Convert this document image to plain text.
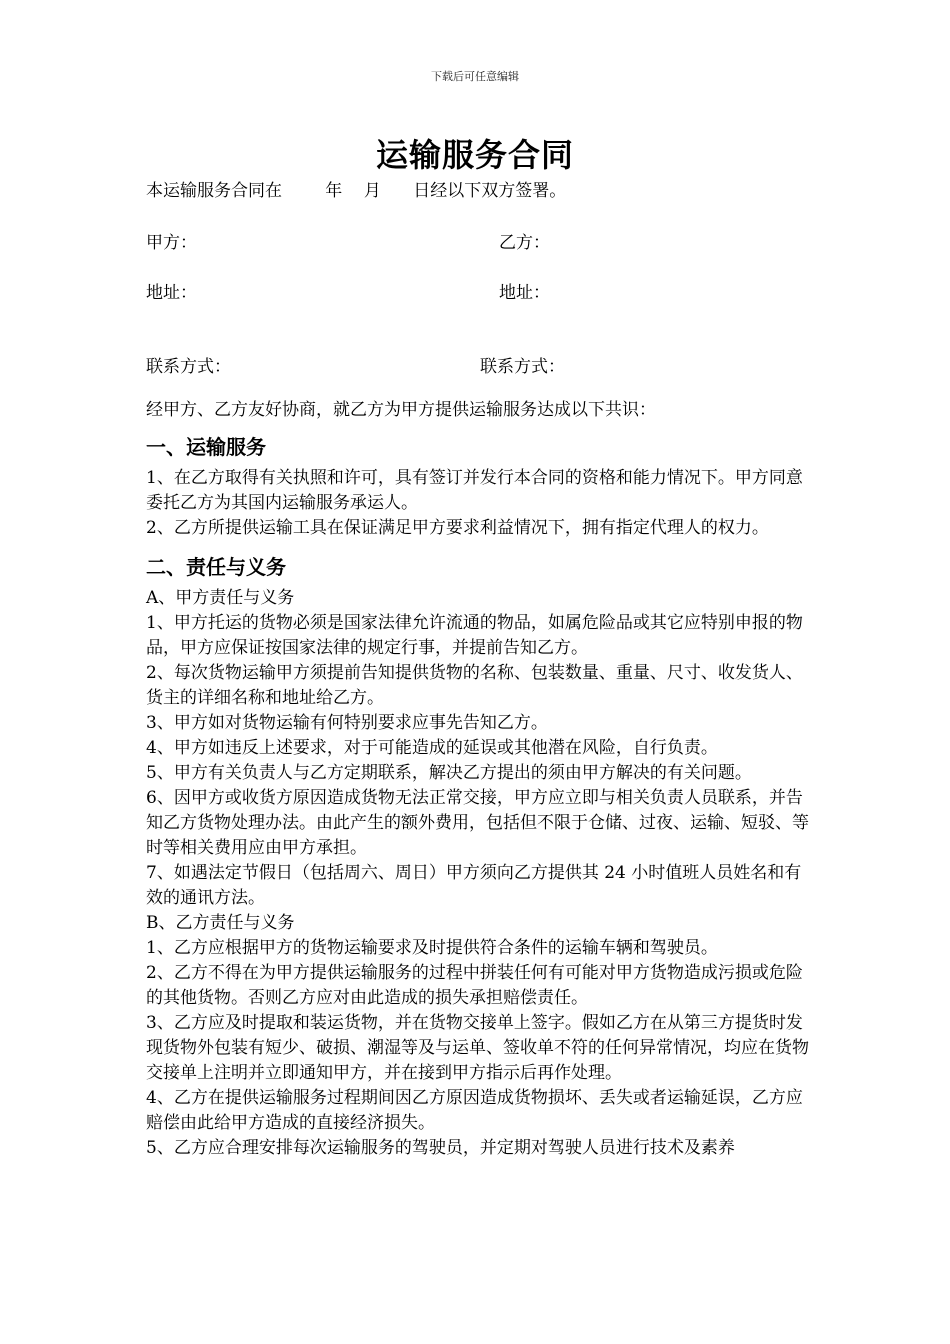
下载后可任意编辑
运输服务合同
本运输服务合同在        年    月      日经以下双方签署。
甲方：	乙方：
地址：	地址：
联系方式：	联系方式：

经甲方、乙方友好协商，就乙方为甲方提供运输服务达成以下共识：

一、运输服务

1、在乙方取得有关执照和许可，具有签订并发行本合同的资格和能力情况下。甲方同意委托乙方为其国内运输服务承运人。

2、乙方所提供运输工具在保证满足甲方要求利益情况下，拥有指定代理人的权力。

二、责任与义务

A、甲方责任与义务

1、甲方托运的货物必须是国家法律允许流通的物品，如属危险品或其它应特别申报的物品，甲方应保证按国家法律的规定行事，并提前告知乙方。

2、每次货物运输甲方须提前告知提供货物的名称、包装数量、重量、尺寸、收发货人、货主的详细名称和地址给乙方。

3、甲方如对货物运输有何特别要求应事先告知乙方。

4、甲方如违反上述要求，对于可能造成的延误或其他潜在风险，自行负责。

5、甲方有关负责人与乙方定期联系，解决乙方提出的须由甲方解决的有关问题。

6、因甲方或收货方原因造成货物无法正常交接，甲方应立即与相关负责人员联系，并告知乙方货物处理办法。由此产生的额外费用，包括但不限于仓储、过夜、运输、短驳、等时等相关费用应由甲方承担。

7、如遇法定节假日（包括周六、周日）甲方须向乙方提供其 24 小时值班人员姓名和有效的通讯方法。

B、乙方责任与义务

1、乙方应根据甲方的货物运输要求及时提供符合条件的运输车辆和驾驶员。

2、乙方不得在为甲方提供运输服务的过程中拼装任何有可能对甲方货物造成污损或危险的其他货物。否则乙方应对由此造成的损失承担赔偿责任。

3、乙方应及时提取和装运货物，并在货物交接单上签字。假如乙方在从第三方提货时发现货物外包装有短少、破损、潮湿等及与运单、签收单不符的任何异常情况，均应在货物交接单上注明并立即通知甲方，并在接到甲方指示后再作处理。

4、乙方在提供运输服务过程期间因乙方原因造成货物损坏、丢失或者运输延误，乙方应赔偿由此给甲方造成的直接经济损失。

5、乙方应合理安排每次运输服务的驾驶员，并定期对驾驶人员进行技术及素养
